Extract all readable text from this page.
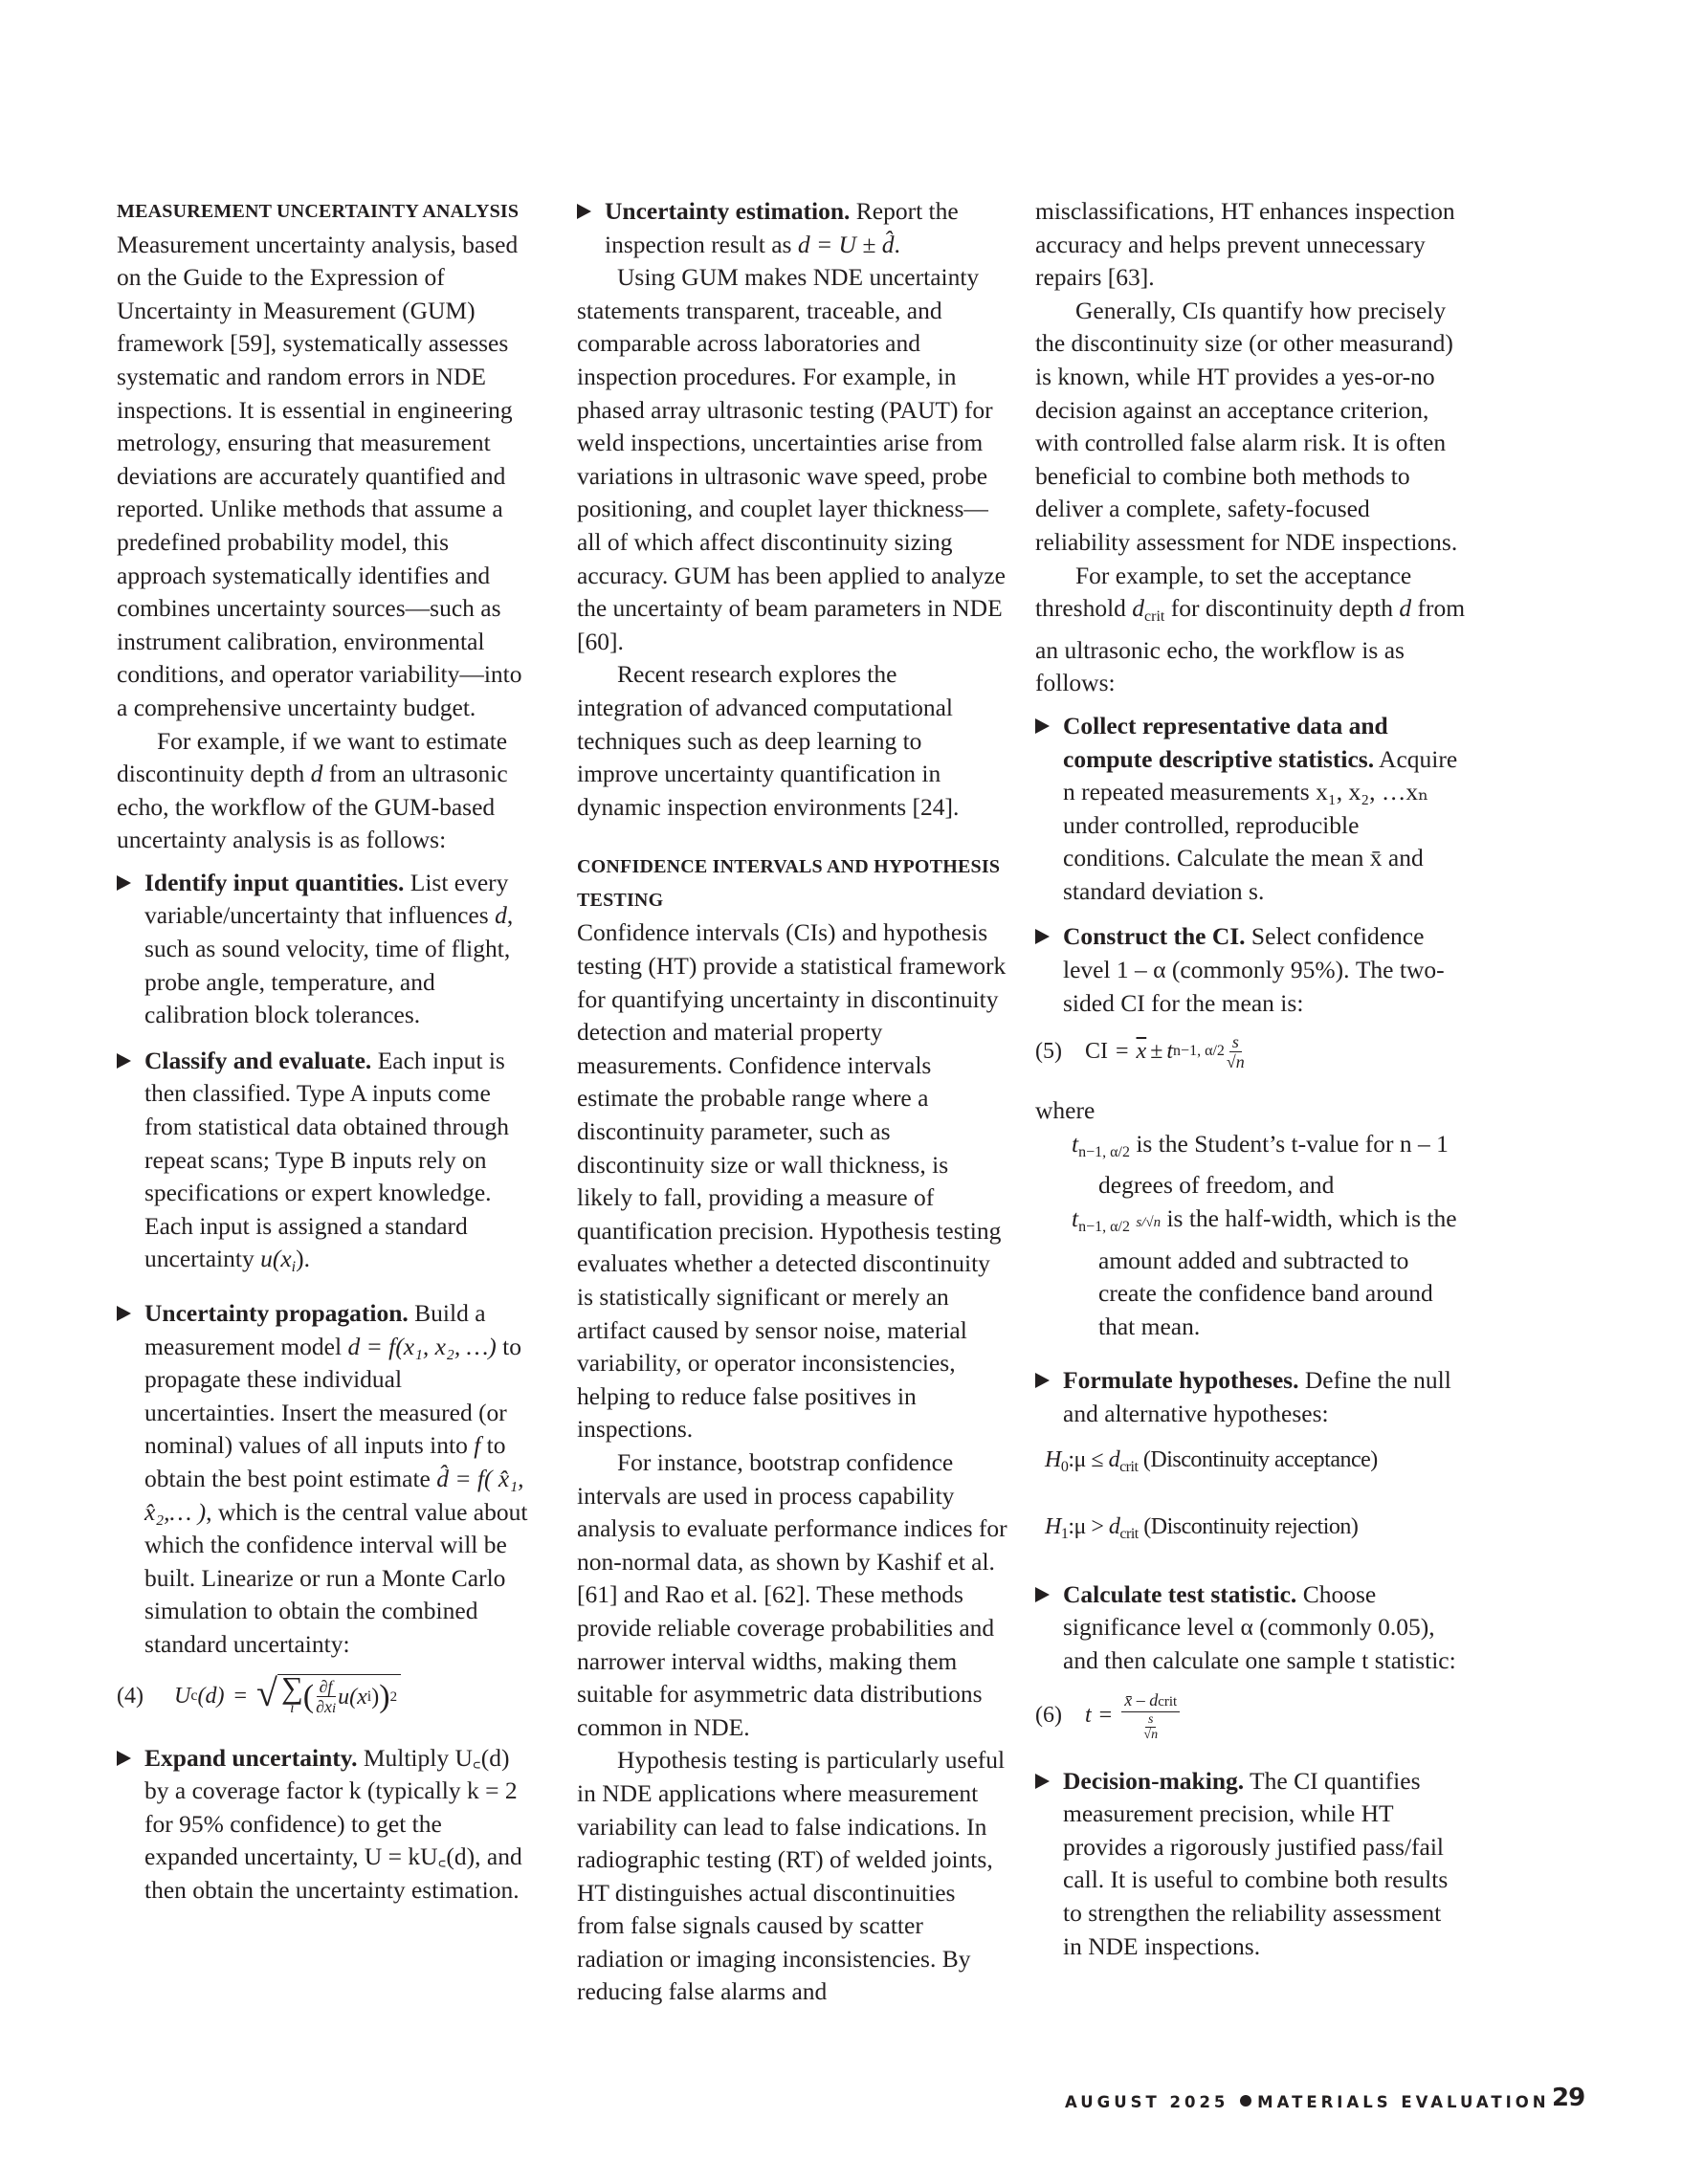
MEASUREMENT UNCERTAINTY ANALYSIS

Measurement uncertainty analysis, based on the Guide to the Expression of Uncertainty in Measurement (GUM) framework [59], systematically assesses systematic and random errors in NDE inspections. It is essential in engineering metrology, ensuring that measurement deviations are accurately quantified and reported. Unlike methods that assume a predefined probability model, this approach systematically identifies and combines uncertainty sources—such as instrument calibration, environmental conditions, and operator variability—into a comprehensive uncertainty budget.

For example, if we want to estimate discontinuity depth d from an ultrasonic echo, the workflow of the GUM-based uncertainty analysis is as follows:

Identify input quantities. List every variable/uncertainty that influences d, such as sound velocity, time of flight, probe angle, temperature, and calibration block tolerances.
Classify and evaluate. Each input is then classified. Type A inputs come from statistical data obtained through repeat scans; Type B inputs rely on specifications or expert knowledge. Each input is assigned a standard uncertainty u(xi).
Uncertainty propagation. Build a measurement model d = f(x₁, x₂, …) to propagate these individual uncertainties. Insert the measured (or nominal) values of all inputs into f to obtain the best point estimate d̂ = f( x̂₁, x̂₂,… ), which is the central value about which the confidence interval will be built. Linearize or run a Monte Carlo simulation to obtain the combined standard uncertainty:
(4)	U c (d) = √ ∑
i ( $\frac{\partial f}{\partial xi} u(x$ i ) ) 2
Expand uncertainty. Multiply U꜀(d) by a coverage factor k (typically k = 2 for 95% confidence) to get the expanded uncertainty, U = kU꜀(d), and then obtain the uncertainty estimation.
Uncertainty estimation. Report the inspection result as d = U ± d̂.

Using GUM makes NDE uncertainty statements transparent, traceable, and comparable across laboratories and inspection procedures. For example, in phased array ultrasonic testing (PAUT) for weld inspections, uncertainties arise from variations in ultrasonic wave speed, probe positioning, and couplet layer thickness—all of which affect discontinuity sizing accuracy. GUM has been applied to analyze the uncertainty of beam parameters in NDE [60].

Recent research explores the integration of advanced computational techniques such as deep learning to improve uncertainty quantification in dynamic inspection environments [24].

CONFIDENCE INTERVALS AND HYPOTHESIS TESTING

Confidence intervals (CIs) and hypothesis testing (HT) provide a statistical framework for quantifying uncertainty in discontinuity detection and material property measurements. Confidence intervals estimate the probable range where a discontinuity parameter, such as discontinuity size or wall thickness, is likely to fall, providing a measure of quantification precision. Hypothesis testing evaluates whether a detected discontinuity is statistically significant or merely an artifact caused by sensor noise, material variability, or operator inconsistencies, helping to reduce false positives in inspections.

For instance, bootstrap confidence intervals are used in process capability analysis to evaluate performance indices for non-normal data, as shown by Kashif et al. [61] and Rao et al. [62]. These methods provide reliable coverage probabilities and narrower interval widths, making them suitable for asymmetric data distributions common in NDE.

Hypothesis testing is particularly useful in NDE applications where measurement variability can lead to false indications. In radiographic testing (RT) of welded joints, HT distinguishes actual discontinuities from false signals caused by scatter radiation or imaging inconsistencies. By reducing false alarms and

misclassifications, HT enhances inspection accuracy and helps prevent unnecessary repairs [63].

Generally, CIs quantify how precisely the discontinuity size (or other measurand) is known, while HT provides a yes-or-no decision against an acceptance criterion, with controlled false alarm risk. It is often beneficial to combine both methods to deliver a complete, safety-focused reliability assessment for NDE inspections.

For example, to set the acceptance threshold $d_{crit}$ for discontinuity depth d from an ultrasonic echo, the workflow is as follows:

Collect representative data and compute descriptive statistics. Acquire n repeated measurements x₁, x₂, …xₙ under controlled, reproducible conditions. Calculate the mean x̄ and standard deviation s.
Construct the CI. Select confidence level 1 – α (commonly 95%). The two-sided CI for the mean is:
(5)	CI = $\overline{x} \pm t$ n−1, $\alpha/2 \frac{s}{√n}$

where

$t_{n-1, \alpha/2}$ is the Student’s t-value for n – 1 degrees of freedom, and
$t_{n-1, \alpha/2}$ s/√n is the half-width, which is the amount added and subtracted to create the confidence band around that mean.
Formulate hypotheses. Define the null and alternative hypotheses:
$H_0:\mu \le d_{crit}$ (Discontinuity acceptance)
$H_1:\mu > d_{crit}$ (Discontinuity rejection)
Calculate test statistic. Choose significance level α (commonly 0.05), and then calculate one sample t statistic:
(6)	$t = \frac{\text{x̄ – dcrit}}{\frac{s}{√n}}$
Decision-making. The CI quantifies measurement precision, while HT provides a rigorously justified pass/fail call. It is useful to combine both results to strengthen the reliability assessment in NDE inspections.
AUGUST 2025 MATERIALS EVALUATION 29
